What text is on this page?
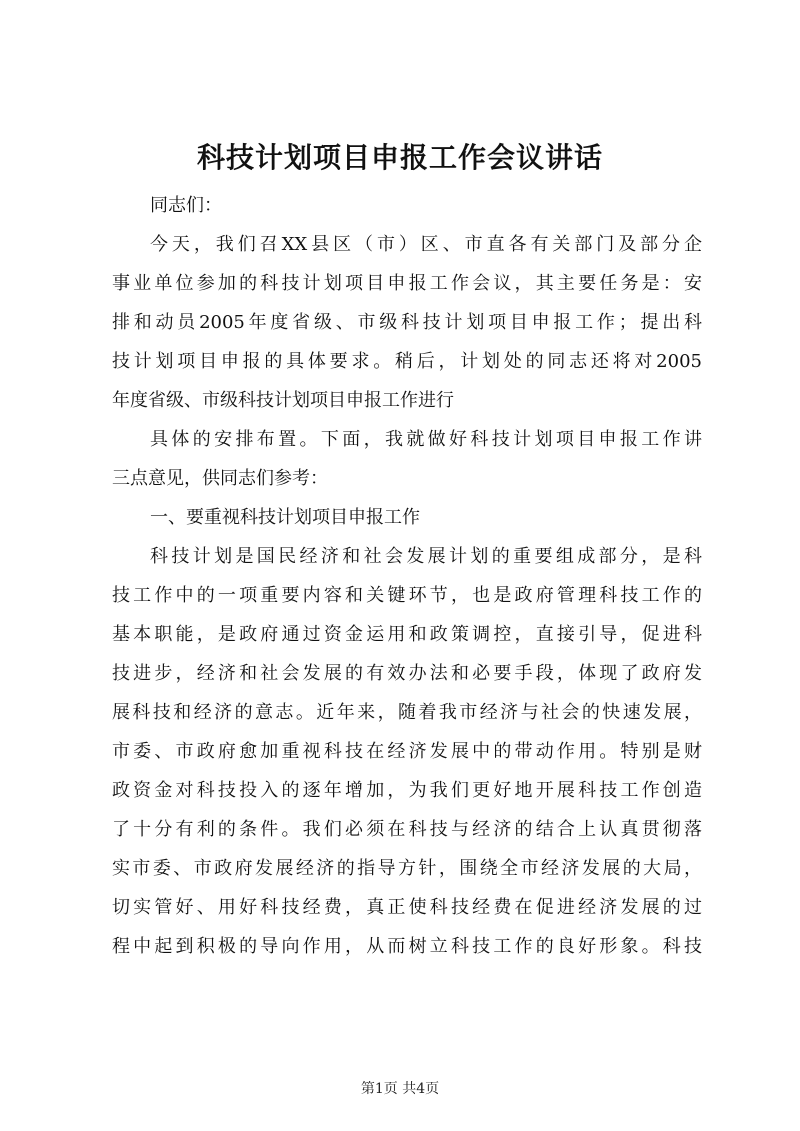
科技计划项目申报工作会议讲话
同志们：
今天，我们召XX县区（市）区、市直各有关部门及部分企
事业单位参加的科技计划项目申报工作会议，其主要任务是：安
排和动员2005年度省级、市级科技计划项目申报工作；提出科
技计划项目申报的具体要求。稍后，计划处的同志还将对2005
年度省级、市级科技计划项目申报工作进行
具体的安排布置。下面，我就做好科技计划项目申报工作讲
三点意见，供同志们参考：
一、要重视科技计划项目申报工作
科技计划是国民经济和社会发展计划的重要组成部分，是科
技工作中的一项重要内容和关键环节，也是政府管理科技工作的
基本职能，是政府通过资金运用和政策调控，直接引导，促进科
技进步，经济和社会发展的有效办法和必要手段，体现了政府发
展科技和经济的意志。近年来，随着我市经济与社会的快速发展，
市委、市政府愈加重视科技在经济发展中的带动作用。特别是财
政资金对科技投入的逐年增加，为我们更好地开展科技工作创造
了十分有利的条件。我们必须在科技与经济的结合上认真贯彻落
实市委、市政府发展经济的指导方针，围绕全市经济发展的大局，
切实管好、用好科技经费，真正使科技经费在促进经济发展的过
程中起到积极的导向作用，从而树立科技工作的良好形象。科技
第1页 共4页
